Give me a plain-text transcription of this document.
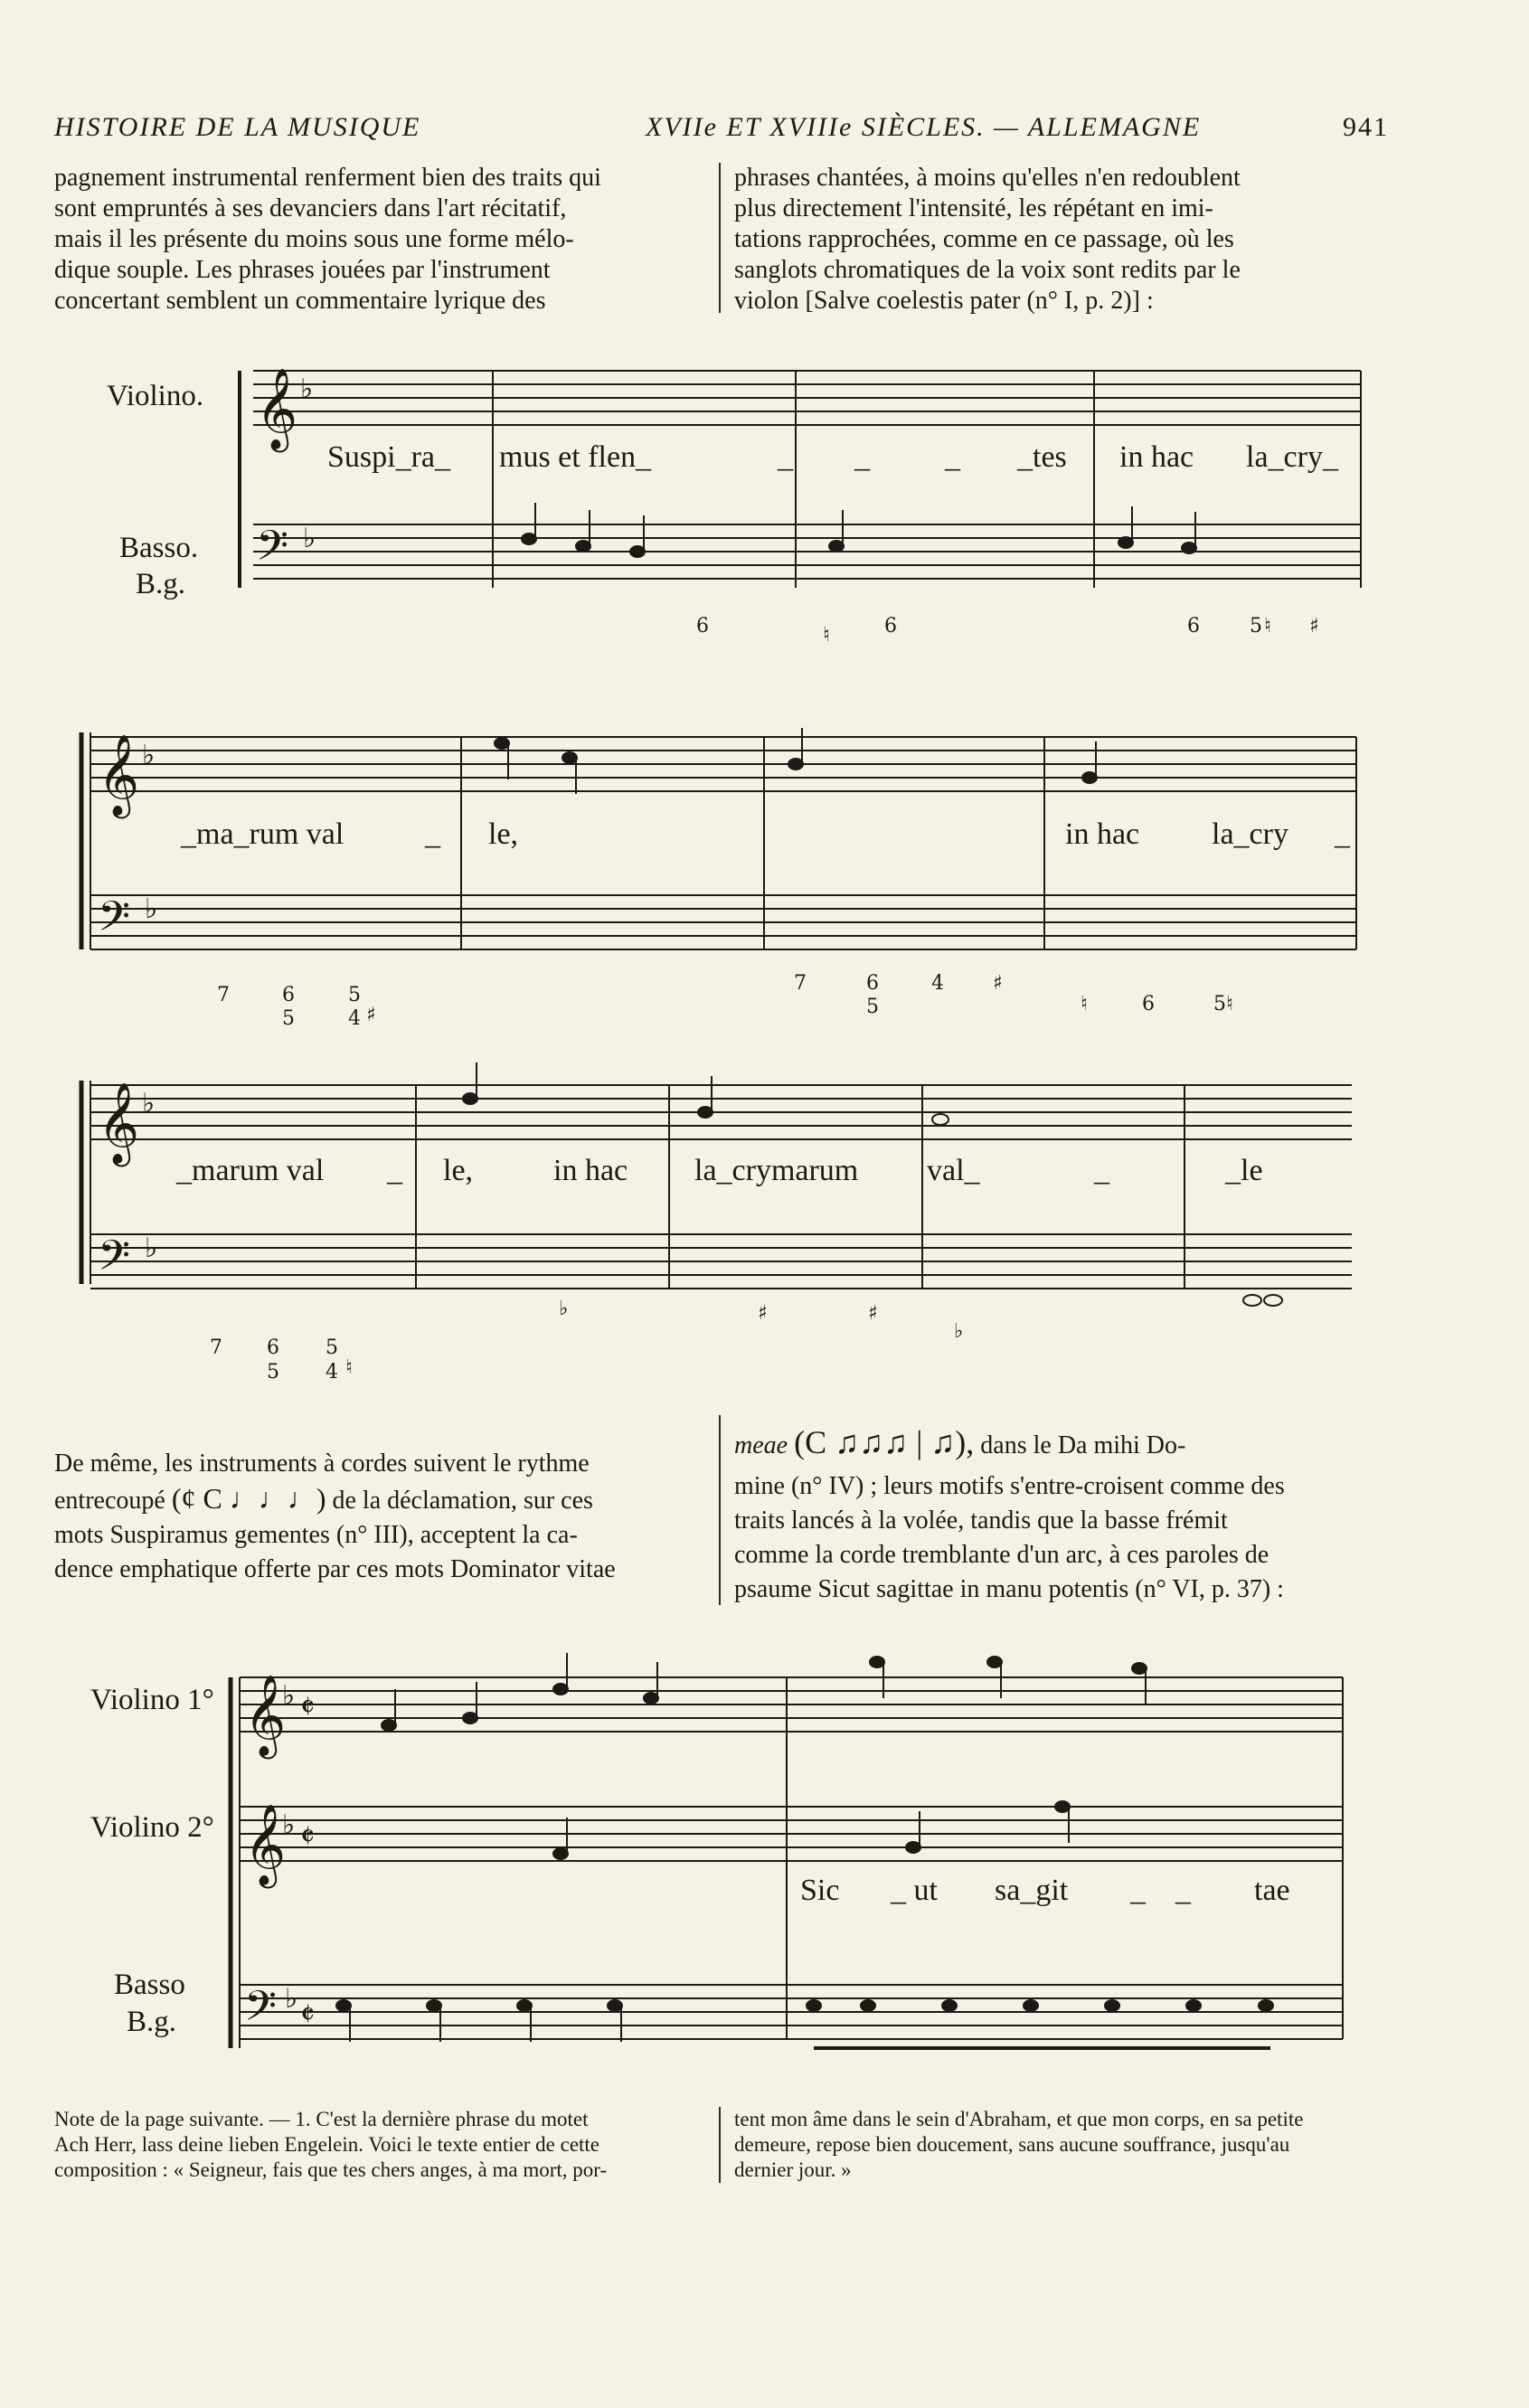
HISTOIRE DE LA MUSIQUE	XVIIe ET XVIIIe SIÈCLES. — ALLEMAGNE	941
pagnement instrumental renferment bien des traits qui
sont empruntés à ses devanciers dans l'art récitatif,
mais il les présente du moins sous une forme mélo-
dique souple. Les phrases jouées par l'instrument
concertant semblent un commentaire lyrique des
phrases chantées, à moins qu'elles n'en redoublent
plus directement l'intensité, les répétant en imi-
tations rapprochées, comme en ce passage, où les
sanglots chromatiques de la voix sont redits par le
violon [Salve coelestis pater (n° I, p. 2)] :
𝄞
𝄢
♭
♭
𝄞
𝄢
♭
♭
𝄞
𝄢
♭
♭
Violino.
Basso.
B.g.
Suspi_ra_ mus et flen_	_ _ _ _tes in hac la_cry_
6	6	6	5 ♮ ♯
♮
_ma_rum val	_ le,	in hac la_cry _
7	6	5
5	4 ♯
7	6
5
4 ♯
♮	6	5♮
_marum val _ le,	in hac la_crymarum val_	_	_le
7 6 5
5 4 ♮
♭	♯	♯
♭
De même, les instruments à cordes suivent le rythme
entrecoupé (¢ C ♩♩♩) de la déclamation, sur ces
mots Suspiramus gementes (n° III), acceptent la ca-
dence emphatique offerte par ces mots Dominator vitae
meae (C ♫♫♫ | ♫), dans le Da mihi Do-
mine (n° IV) ; leurs motifs s'entre-croisent comme des
traits lancés à la volée, tandis que la basse frémit
comme la corde tremblante d'un arc, à ces paroles de
psaume Sicut sagittae in manu potentis (n° VI, p. 37) :
𝄞
♭ 𝄵
𝄞
♭ 𝄵
𝄢 ♭ 𝄵
Violino 1°
Violino 2°
Basso
B.g.
Sic _ ut sa_git _ _ tae
Note de la page suivante. — 1. C'est la dernière phrase du motet
Ach Herr, lass deine lieben Engelein. Voici le texte entier de cette
composition : « Seigneur, fais que tes chers anges, à ma mort, por-
tent mon âme dans le sein d'Abraham, et que mon corps, en sa petite
demeure, repose bien doucement, sans aucune souffrance, jusqu'au
dernier jour. »
